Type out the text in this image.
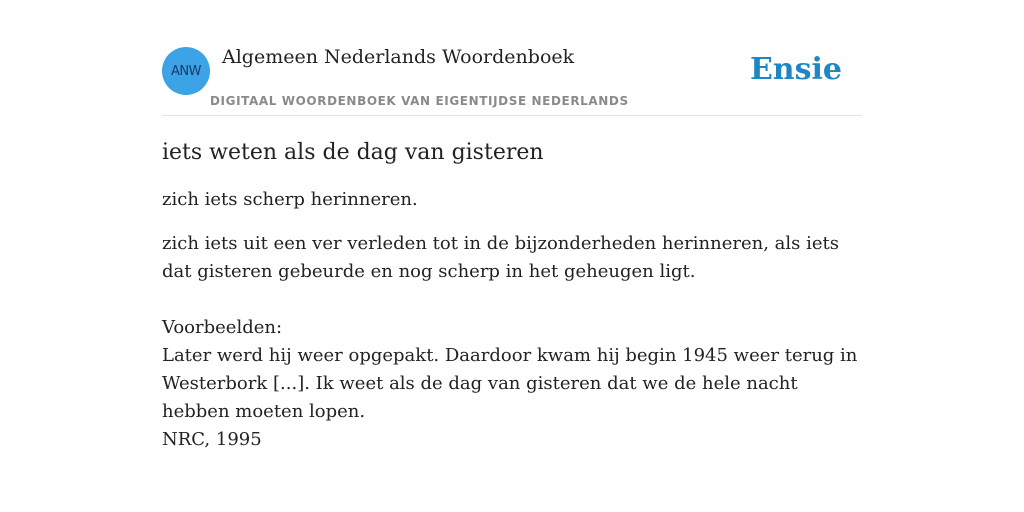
ANW
Algemeen Nederlands Woordenboek
DIGITAAL WOORDENBOEK VAN EIGENTIJDSE NEDERLANDS
Ensie
iets weten als de dag van gisteren

zich iets scherp herinneren.

zich iets uit een ver verleden tot in de bijzonderheden herinneren, als iets dat gisteren gebeurde en nog scherp in het geheugen ligt.

Voorbeelden:
Later werd hij weer opgepakt. Daardoor kwam hij begin 1945 weer terug in Westerbork [...]. Ik weet als de dag van gisteren dat we de hele nacht hebben moeten lopen.
NRC, 1995
